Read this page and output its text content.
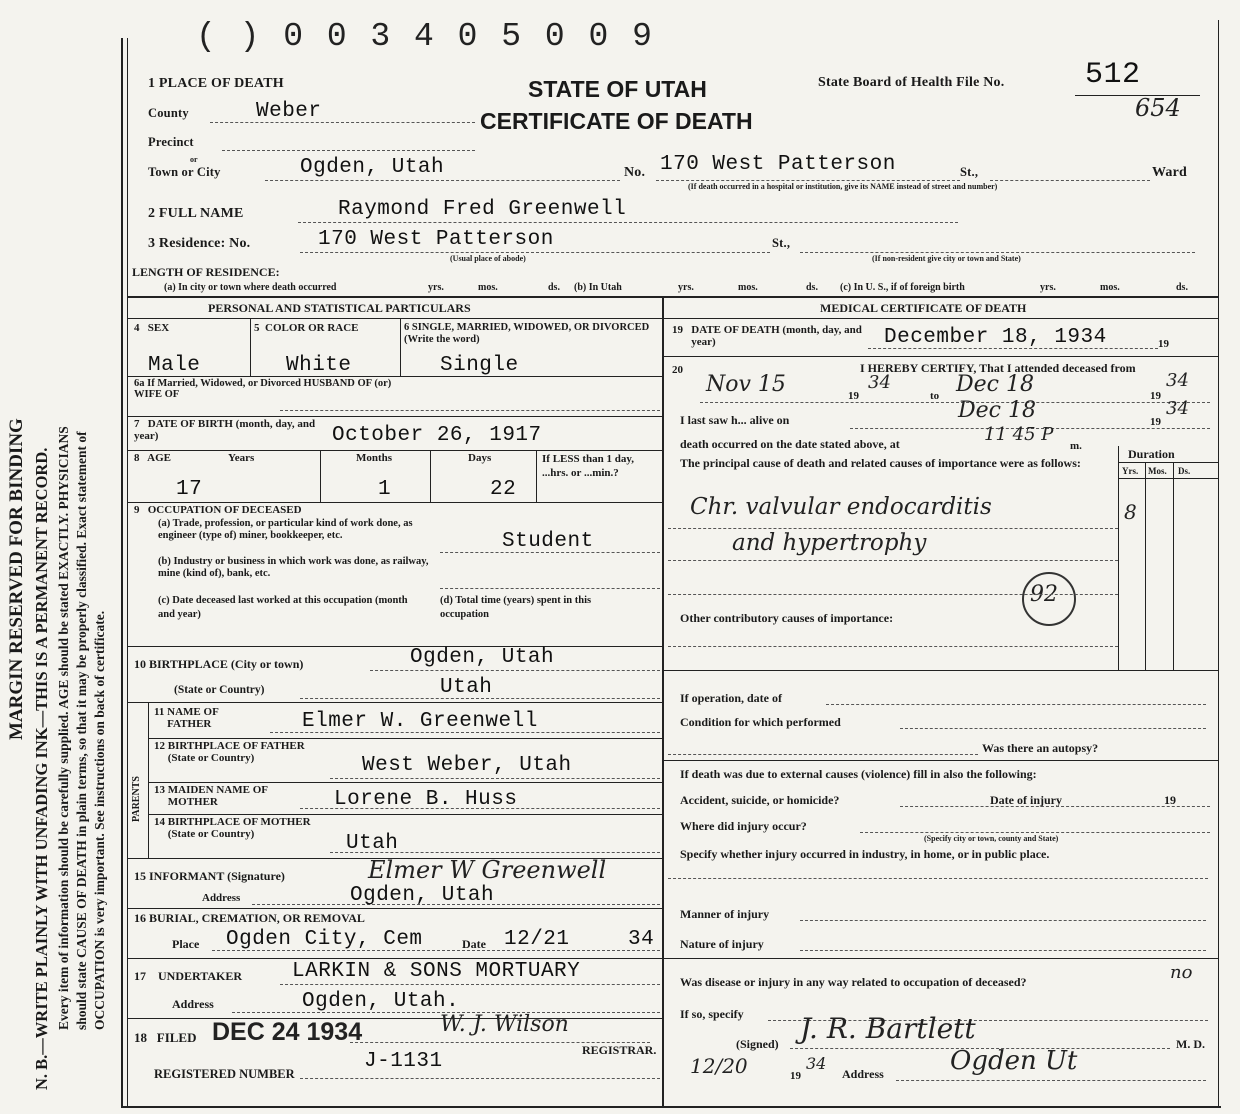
MARGIN RESERVED FOR BINDING N. B.—WRITE PLAINLY WITH UNFADING INK—THIS IS A PERMANENT RECORD. Every item of information should be carefully supplied. AGE should be stated EXACTLY. PHYSICIANS should state CAUSE OF DEATH in plain terms, so that it may be properly classified. Exact statement of OCCUPATION is very important. See instructions on back of certificate.
( ) 0 0 3 4 0 5 0 0 9
1 PLACE OF DEATH	STATE OF UTAH
CERTIFICATE OF DEATH
State Board of Health File No.	512
654
County	Weber
Precinct
or
Town or City	Ogden, Utah	No. 170 West Patterson	St.,	Ward
(If death occurred in a hospital or institution, give its NAME instead of street and number)
2 FULL NAME	Raymond Fred Greenwell
3 Residence: No.	170 West Patterson	St.,
(Usual place of abode)	(If non-resident give city or town and State)
LENGTH OF RESIDENCE:
(a) In city or town where death occurred	yrs.	mos.	ds. (b) In Utah	yrs.	mos.	ds. (c) In U. S., if of foreign birth	yrs.	mos.	ds.
PERSONAL AND STATISTICAL PARTICULARS
4   SEX	5  COLOR OR RACE	6 SINGLE, MARRIED, WIDOWED, OR DIVORCED (Write the word)
Male	White	Single
6a If Married, Widowed, or Divorced HUSBAND OF (or) WIFE OF
7   DATE OF BIRTH (month, day, and year)	October 26, 1917
8   AGE	Years	Months	Days	If LESS than 1 day, ...hrs. or ...min.?
17	1	22
9   OCCUPATION OF DECEASED
(a) Trade, profession, or particular kind of work done, as engineer (type of) miner, bookkeeper, etc.	Student
(b) Industry or business in which work was done, as railway, mine (kind of), bank, etc.
(c) Date deceased last worked at this occupation (month and year)
(d) Total time (years) spent in this occupation
10 BIRTHPLACE (City or town)	Ogden, Utah
(State or Country)	Utah
PARENTS
11 NAME OF FATHER	Elmer W. Greenwell
12 BIRTHPLACE OF FATHER (State or Country)	West Weber, Utah
13 MAIDEN NAME OF MOTHER	Lorene B. Huss
14 BIRTHPLACE OF MOTHER (State or Country)	Utah
15 INFORMANT (Signature)	Elmer W Greenwell
Address	Ogden, Utah
16 BURIAL, CREMATION, OR REMOVAL
Place Ogden City, Cem	Date 12/21	34
17    UNDERTAKER LARKIN & SONS MORTUARY
Address	Ogden, Utah.
18   FILED DEC 24 1934	W. J. Wilson
REGISTRAR.
J-1131
REGISTERED NUMBER
MEDICAL CERTIFICATE OF DEATH
19   DATE OF DEATH (month, day, and year)	December 18, 1934	19
20	I HEREBY CERTIFY, That I attended deceased from
Nov 15	19
34
to Dec 18	19
34
I last saw h... alive on	Dec 18	19
34
death occurred on the date stated above, at	11 45 P
m.
The principal cause of death and related causes of importance were as follows:
Duration
Yrs. Mos. Ds.
Chr. valvular endocarditis	8
and hypertrophy
92
Other contributory causes of importance:
If operation, date of
Condition for which performed
Was there an autopsy?
If death was due to external causes (violence) fill in also the following:
Accident, suicide, or homicide?	Date of injury	19
Where did injury occur?
(Specify city or town, county and State)
Specify whether injury occurred in industry, in home, or in public place.
Manner of injury
Nature of injury
Was disease or injury in any way related to occupation of deceased?	no
If so, specify J. R. Bartlett
(Signed)	M. D.
12/20	19
34
Address	Ogden Ut
